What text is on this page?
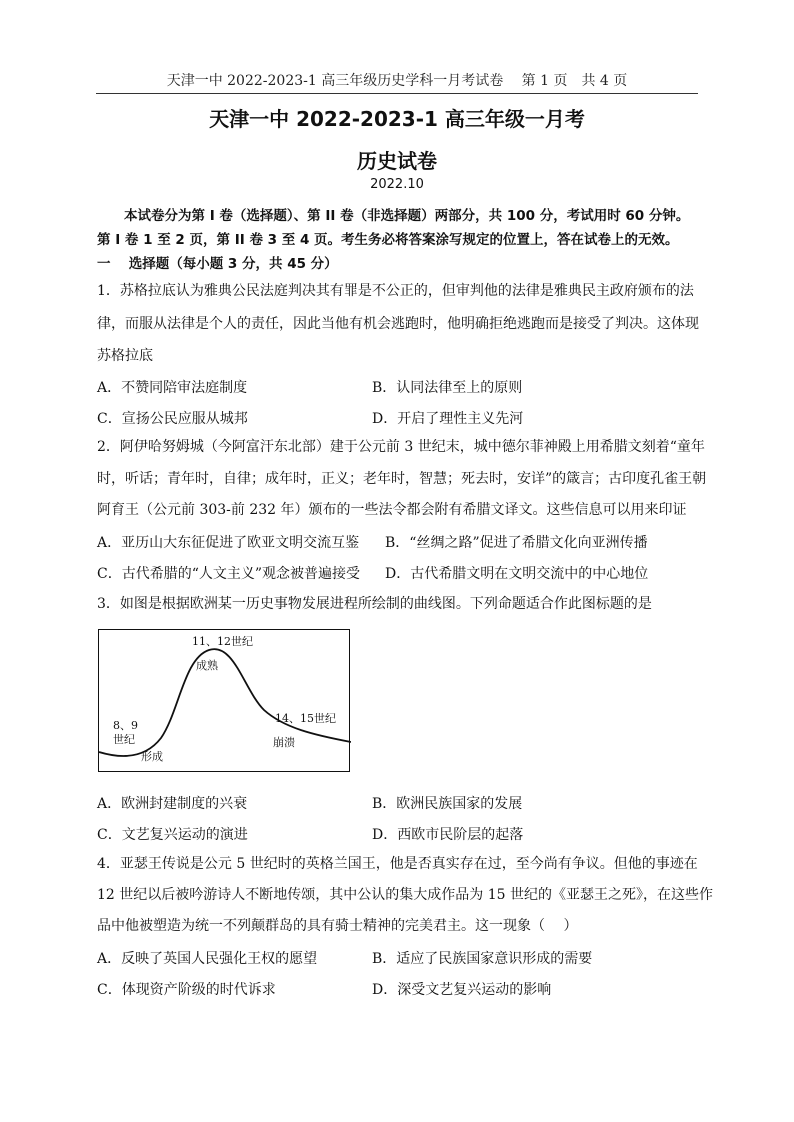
天津一中 2022-2023-1 高三年级历史学科一月考试卷　 第 1 页　共 4 页
天津一中 2022-2023-1 高三年级一月考
历史试卷
2022.10
本试卷分为第 I 卷（选择题）、第 II 卷（非选择题）两部分，共 100 分，考试用时 60 分钟。
第 I 卷 1 至 2 页，第 II 卷 3 至 4 页。考生务必将答案涂写规定的位置上，答在试卷上的无效。
一　 选择题（每小题 3 分，共 45 分）
1．苏格拉底认为雅典公民法庭判决其有罪是不公正的，但审判他的法律是雅典民主政府颁布的法
律，而服从法律是个人的责任，因此当他有机会逃跑时，他明确拒绝逃跑而是接受了判决。这体现
苏格拉底
A．不赞同陪审法庭制度	B．认同法律至上的原则
C．宣扬公民应服从城邦	D．开启了理性主义先河
2．阿伊哈努姆城（今阿富汗东北部）建于公元前 3 世纪末，城中德尔菲神殿上用希腊文刻着“童年
时，听话；青年时，自律；成年时，正义；老年时，智慧；死去时，安详”的箴言；古印度孔雀王朝
阿育王（公元前 303-前 232 年）颁布的一些法令都会附有希腊文译文。这些信息可以用来印证
A．亚历山大东征促进了欧亚文明交流互鉴 B．“丝绸之路”促进了希腊文化向亚洲传播
C．古代希腊的“人文主义”观念被普遍接受 D．古代希腊文明在文明交流中的中心地位
3．如图是根据欧洲某一历史事物发展进程所绘制的曲线图。下列命题适合作此图标题的是
11、12世纪
成熟
8、9
世纪
形成
14、15世纪
崩溃
A．欧洲封建制度的兴衰	B．欧洲民族国家的发展
C．文艺复兴运动的演进	D．西欧市民阶层的起落
4．亚瑟王传说是公元 5 世纪时的英格兰国王，他是否真实存在过，至今尚有争议。但他的事迹在
12 世纪以后被吟游诗人不断地传颂，其中公认的集大成作品为 15 世纪的《亚瑟王之死》，在这些作
品中他被塑造为统一不列颠群岛的具有骑士精神的完美君主。这一现象（　 ）
A．反映了英国人民强化王权的愿望	B．适应了民族国家意识形成的需要
C．体现资产阶级的时代诉求	D．深受文艺复兴运动的影响
